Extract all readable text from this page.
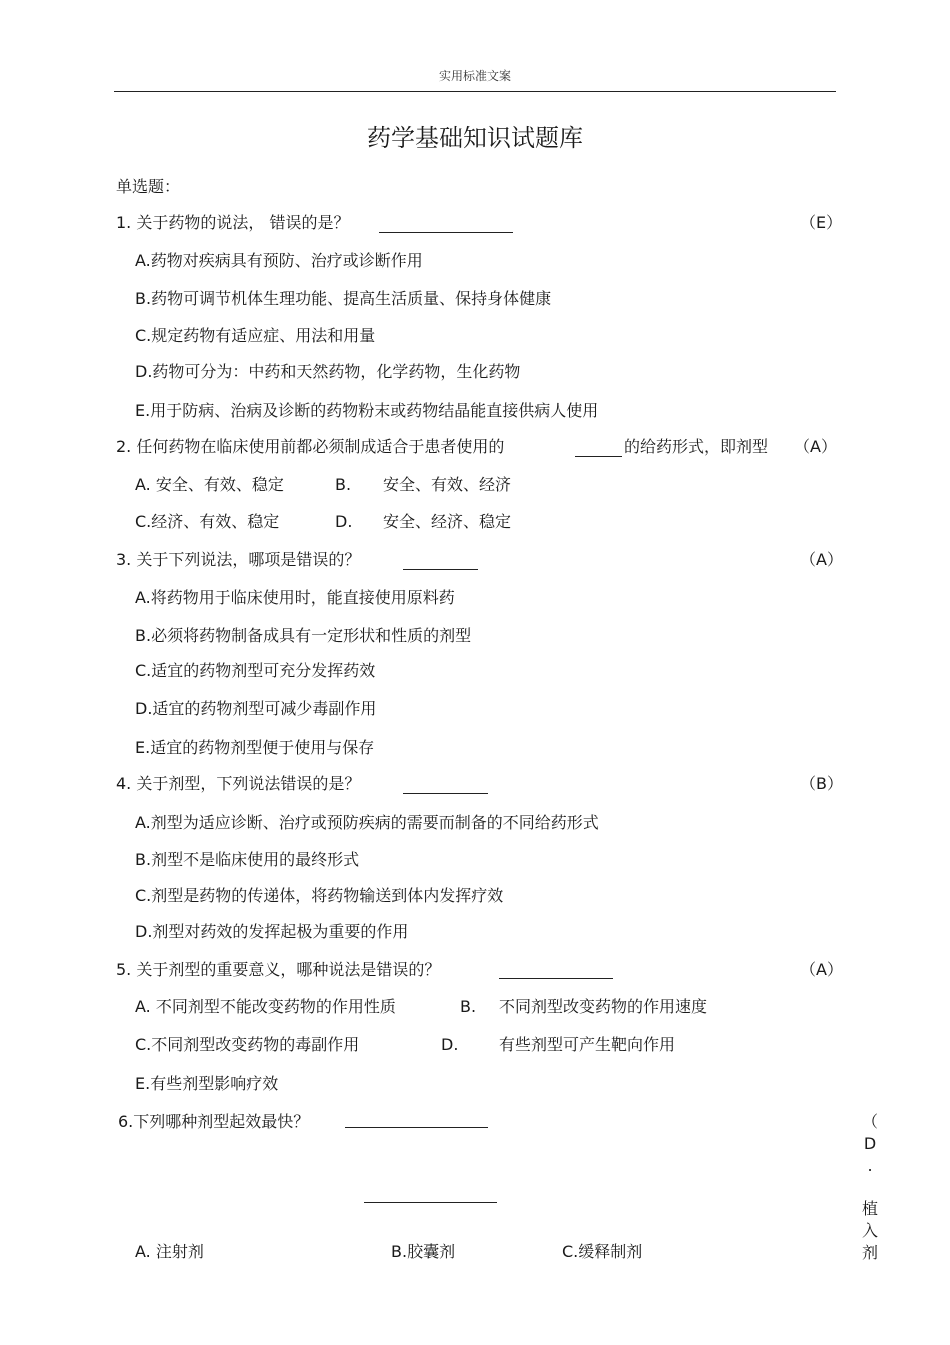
实用标准文案
药学基础知识试题库
单选题：
1. 关于药物的说法， 错误的是？	（E）
A.药物对疾病具有预防、治疗或诊断作用
B.药物可调节机体生理功能、提高生活质量、保持身体健康
C.规定药物有适应症、用法和用量
D.药物可分为：中药和天然药物，化学药物，生化药物
E.用于防病、治病及诊断的药物粉末或药物结晶能直接供病人使用
2. 任何药物在临床使用前都必须制成适合于患者使用的	的给药形式，即剂型 （A）
A. 安全、有效、稳定	B. 安全、有效、经济
C.经济、有效、稳定	D. 安全、经济、稳定
3. 关于下列说法，哪项是错误的？	（A）
A.将药物用于临床使用时，能直接使用原料药
B.必须将药物制备成具有一定形状和性质的剂型
C.适宜的药物剂型可充分发挥药效
D.适宜的药物剂型可减少毒副作用
E.适宜的药物剂型便于使用与保存
4. 关于剂型，下列说法错误的是？	（B）
A.剂型为适应诊断、治疗或预防疾病的需要而制备的不同给药形式
B.剂型不是临床使用的最终形式
C.剂型是药物的传递体，将药物输送到体内发挥疗效
D.剂型对药效的发挥起极为重要的作用
5. 关于剂型的重要意义，哪种说法是错误的？	（A）
A. 不同剂型不能改变药物的作用性质	B. 不同剂型改变药物的作用速度
C.不同剂型改变药物的毒副作用	D.	有些剂型可产生靶向作用
E.有些剂型影响疗效
6.下列哪种剂型起效最快？	（
D
.
植
入
剂
A. 注射剂	B.胶囊剂	C.缓释制剂
